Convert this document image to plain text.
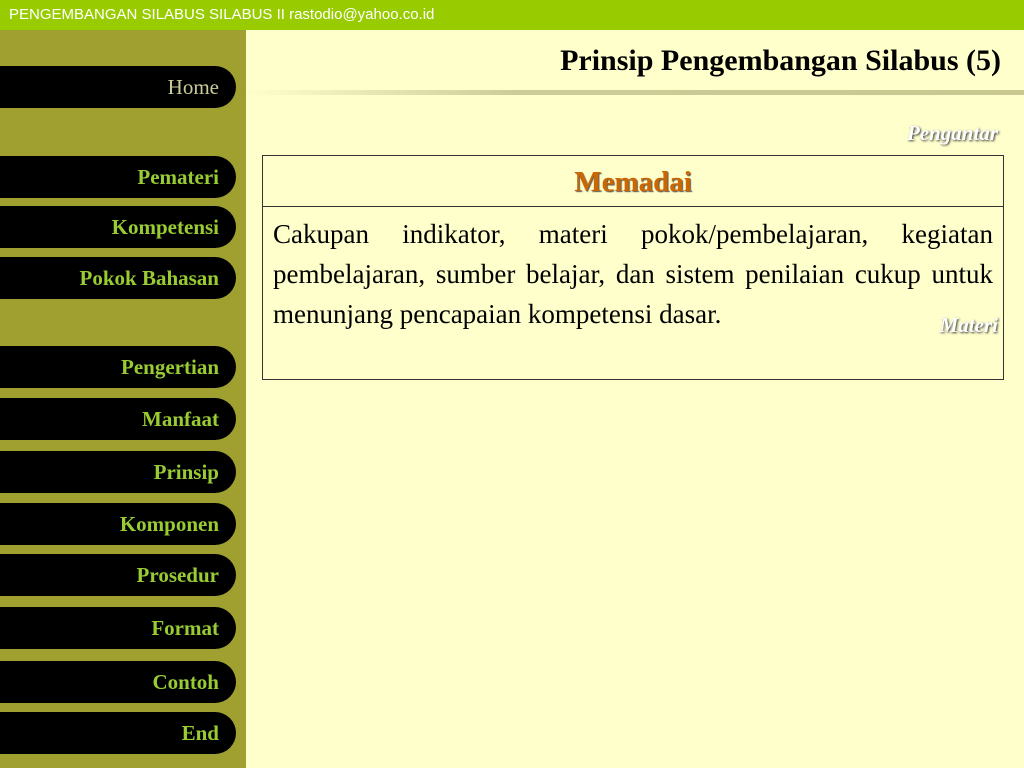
PENGEMBANGAN SILABUS SILABUS II rastodio@yahoo.co.id
Home
Pengantar
Pemateri
Kompetensi
Pokok Bahasan
Materi
Pengertian
Manfaat
Prinsip
Komponen
Prosedur
Format
Contoh
End
Prinsip Pengembangan Silabus (5)
Memadai
Cakupan indikator, materi pokok/pembelajaran, kegiatan pembelajaran, sumber belajar, dan sistem penilaian cukup untuk menunjang pencapaian kompetensi dasar.
